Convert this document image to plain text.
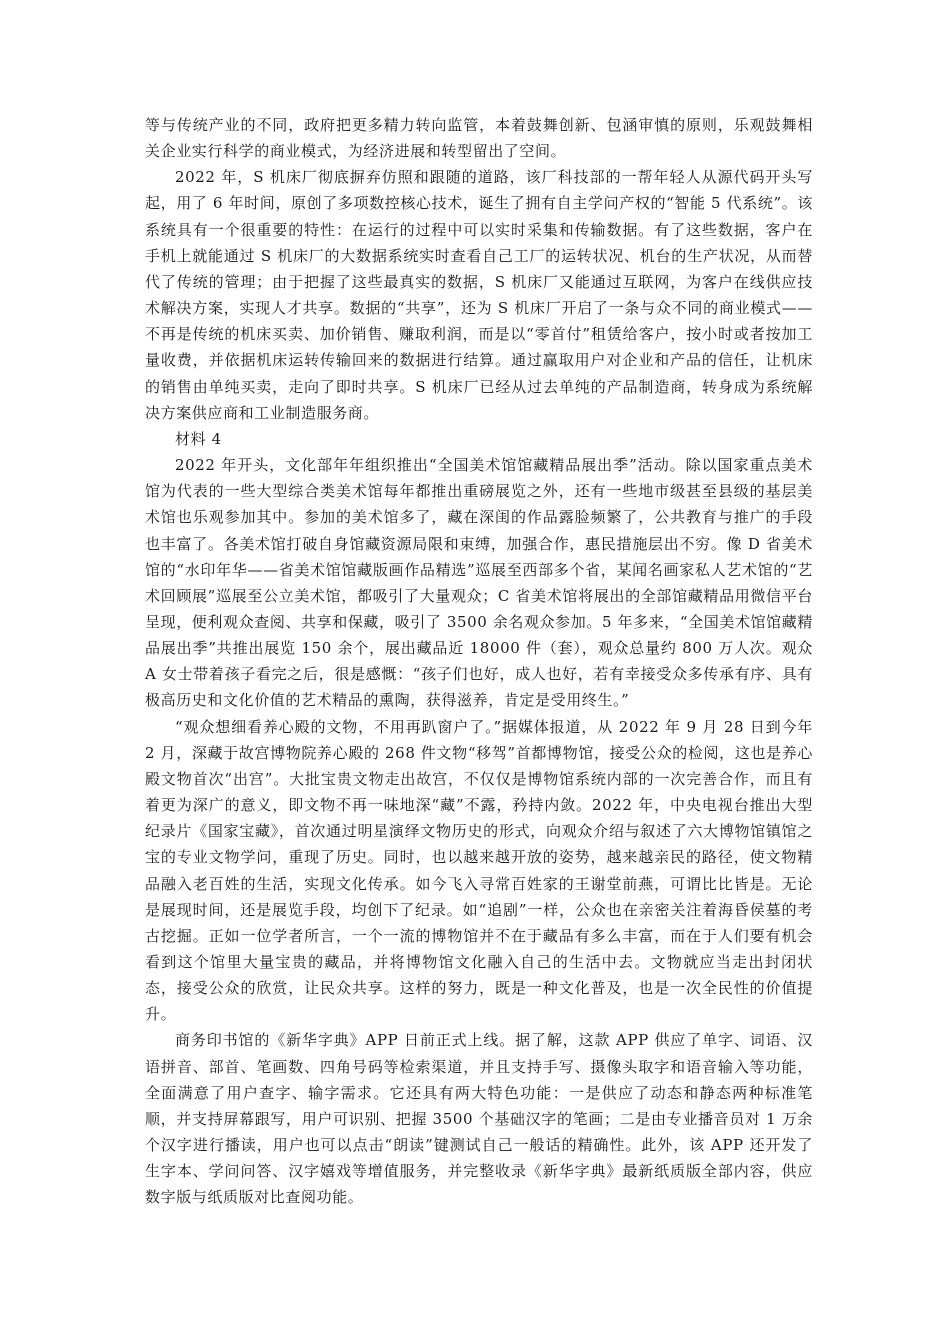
等与传统产业的不同，政府把更多精力转向监管，本着鼓舞创新、包涵审慎的原则，乐观鼓舞相关企业实行科学的商业模式，为经济进展和转型留出了空间。

2022 年，S 机床厂彻底摒弃仿照和跟随的道路，该厂科技部的一帮年轻人从源代码开头写起，用了 6 年时间，原创了多项数控核心技术，诞生了拥有自主学问产权的“智能 5 代系统”。该系统具有一个很重要的特性：在运行的过程中可以实时采集和传输数据。有了这些数据，客户在手机上就能通过 S 机床厂的大数据系统实时查看自己工厂的运转状况、机台的生产状况，从而替代了传统的管理；由于把握了这些最真实的数据，S 机床厂又能通过互联网，为客户在线供应技术解决方案，实现人才共享。数据的“共享”，还为 S 机床厂开启了一条与众不同的商业模式——不再是传统的机床买卖、加价销售、赚取利润，而是以“零首付”租赁给客户，按小时或者按加工量收费，并依据机床运转传输回来的数据进行结算。通过赢取用户对企业和产品的信任，让机床的销售由单纯买卖，走向了即时共享。S 机床厂已经从过去单纯的产品制造商，转身成为系统解决方案供应商和工业制造服务商。

材料 4

2022 年开头，文化部年年组织推出“全国美术馆馆藏精品展出季”活动。除以国家重点美术馆为代表的一些大型综合类美术馆每年都推出重磅展览之外，还有一些地市级甚至县级的基层美术馆也乐观参加其中。参加的美术馆多了，藏在深闺的作品露脸频繁了，公共教育与推广的手段也丰富了。各美术馆打破自身馆藏资源局限和束缚，加强合作，惠民措施层出不穷。像 D 省美术馆的“水印年华——省美术馆馆藏版画作品精选”巡展至西部多个省，某闻名画家私人艺术馆的“艺术回顾展”巡展至公立美术馆，都吸引了大量观众；C 省美术馆将展出的全部馆藏精品用微信平台呈现，便利观众查阅、共享和保藏，吸引了 3500 余名观众参加。5 年多来，“全国美术馆馆藏精品展出季”共推出展览 150 余个，展出藏品近 18000 件（套），观众总量约 800 万人次。观众 A 女士带着孩子看完之后，很是感慨：“孩子们也好，成人也好，若有幸接受众多传承有序、具有极高历史和文化价值的艺术精品的熏陶，获得滋养，肯定是受用终生。”

“观众想细看养心殿的文物，不用再趴窗户了。”据媒体报道，从 2022 年 9 月 28 日到今年 2 月，深藏于故宫博物院养心殿的 268 件文物“移驾”首都博物馆，接受公众的检阅，这也是养心殿文物首次“出宫”。大批宝贵文物走出故宫，不仅仅是博物馆系统内部的一次完善合作，而且有着更为深广的意义，即文物不再一味地深“藏”不露，矜持内敛。2022 年，中央电视台推出大型纪录片《国家宝藏》，首次通过明星演绎文物历史的形式，向观众介绍与叙述了六大博物馆镇馆之宝的专业文物学问，重现了历史。同时，也以越来越开放的姿势，越来越亲民的路径，使文物精品融入老百姓的生活，实现文化传承。如今飞入寻常百姓家的王谢堂前燕，可谓比比皆是。无论是展现时间，还是展览手段，均创下了纪录。如“追剧”一样，公众也在亲密关注着海昏侯墓的考古挖掘。正如一位学者所言，一个一流的博物馆并不在于藏品有多么丰富，而在于人们要有机会看到这个馆里大量宝贵的藏品，并将博物馆文化融入自己的生活中去。文物就应当走出封闭状态，接受公众的欣赏，让民众共享。这样的努力，既是一种文化普及，也是一次全民性的价值提升。

商务印书馆的《新华字典》APP 日前正式上线。据了解，这款 APP 供应了单字、词语、汉语拼音、部首、笔画数、四角号码等检索渠道，并且支持手写、摄像头取字和语音输入等功能，全面满意了用户查字、输字需求。它还具有两大特色功能：一是供应了动态和静态两种标准笔顺，并支持屏幕跟写，用户可识别、把握 3500 个基础汉字的笔画；二是由专业播音员对 1 万余个汉字进行播读，用户也可以点击“朗读”键测试自己一般话的精确性。此外，该 APP 还开发了生字本、学问问答、汉字嬉戏等增值服务，并完整收录《新华字典》最新纸质版全部内容，供应数字版与纸质版对比查阅功能。
